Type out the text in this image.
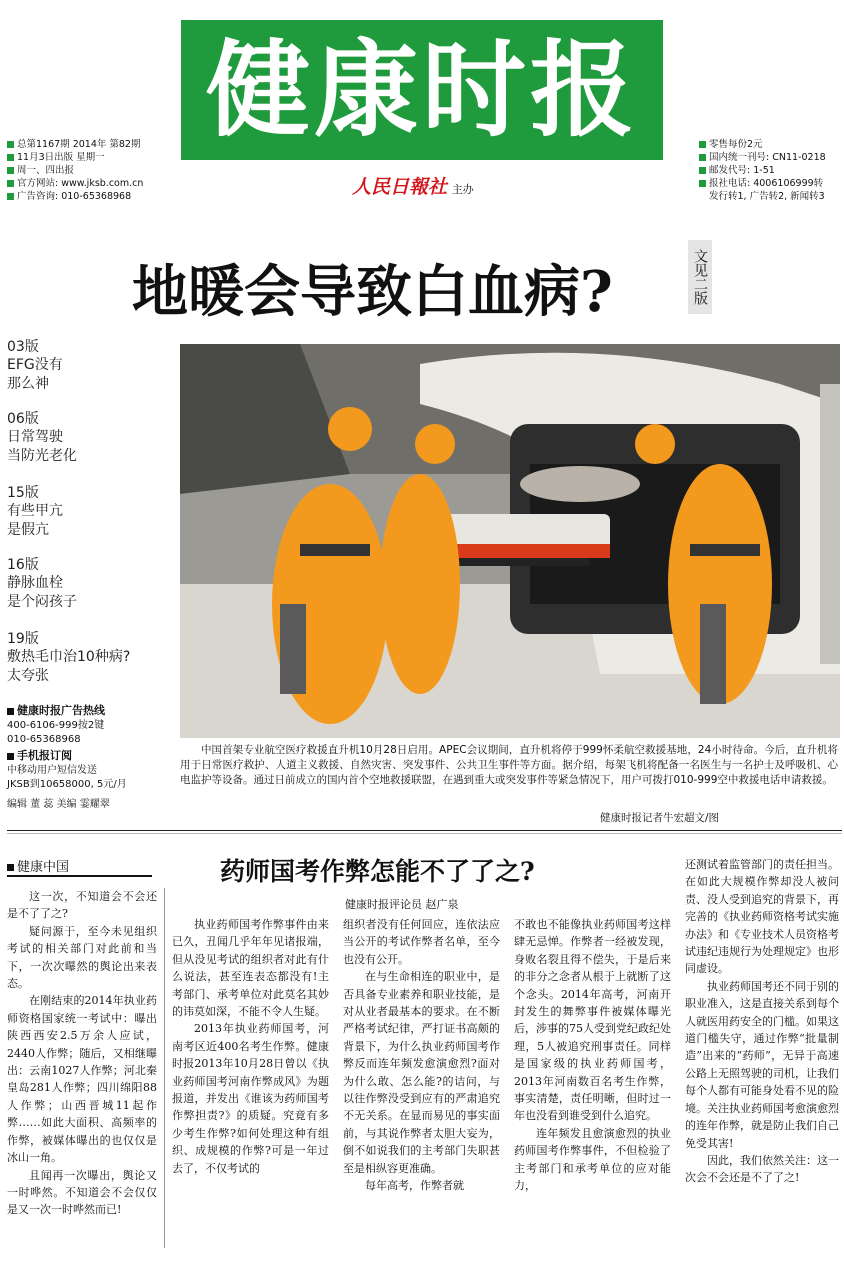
健康时报
总第1167期 2014年 第82期
11月3日出版 星期一
周一、四出报
官方网站: www.jksb.com.cn
广告咨询: 010-65368968
零售每份2元
国内统一刊号: CN11-0218
邮发代号: 1-51
报社电话: 4006106999转
发行转1, 广告转2, 新闻转3
人民日報社 主办
地暖会导致白血病?	文见二版
03版
EFG没有
那么神
06版
日常驾驶
当防光老化
15版
有些甲亢
是假亢
16版
静脉血栓
是个闷孩子
19版
敷热毛巾治10种病?
太夸张
健康时报广告热线
400-6106-999按2键
010-65368968
手机报订阅
中移动用户短信发送
JKSB到10658000, 5元/月
编辑 董 蕊 美编 霎耀翠
中国首架专业航空医疗救援直升机10月28日启用。APEC会议期间，直升机将停于999怀柔航空救援基地，24小时待命。今后，直升机将用于日常医疗救护、人道主义救援、自然灾害、突发事件、公共卫生事件等方面。据介绍，每架飞机将配备一名医生与一名护士及呼吸机、心电监护等设备。通过日前成立的国内首个空地救援联盟，在遇到重大或突发事件等紧急情况下，用户可拨打010-999空中救援电话申请救援。
健康时报记者牛宏超文/图
健康中国	药师国考作弊怎能不了了之?
健康时报评论员 赵广泉

这一次，不知道会不会还是不了了之?

疑问源于，至今未见组织考试的相关部门对此前和当下，一次次曝然的舆论出来表态。

在刚结束的2014年执业药师资格国家统一考试中：曝出陕西西安2.5万余人应试，2440人作弊；随后，又相继曝出：云南1027人作弊；河北秦皇岛281人作弊；四川绵阳88人作弊；山西晋城11起作弊……如此大面积、高频率的作弊，被媒体曝出的也仅仅是冰山一角。

且闻再一次曝出，舆论又一时哗然。不知道会不会仅仅是又一次一时哗然而已!

执业药师国考作弊事件由来已久，丑闻几乎年年见诸报端，但从没见考试的组织者对此有什么说法，甚至连表态都没有!主考部门、承考单位对此莫名其妙的讳莫如深，不能不令人生疑。

2013年执业药师国考，河南考区近400名考生作弊。健康时报2013年10月28日曾以《执业药师国考河南作弊成风》为题报道，并发出《谁该为药师国考作弊担责?》的质疑。究竟有多少考生作弊?如何处理这种有组织、成规模的作弊?可是一年过去了，不仅考试的

组织者没有任何回应，连依法应当公开的考试作弊者名单，至今也没有公开。

在与生命相连的职业中，是否具备专业素养和职业技能，是对从业者最基本的要求。在不断严格考试纪律，严打证书高颇的背景下，为什么执业药师国考作弊反而连年频发愈演愈烈?面对为什么敢、怎么能?的诘问，与以往作弊没受到应有的严肃追究不无关系。在显而易见的事实面前，与其说作弊者太胆大妄为，倒不如说我们的主考部门失职甚至是相纵容更准确。

每年高考，作弊者就

不敢也不能像执业药师国考这样肆无忌惮。作弊者一经被发现，身败名裂且得不偿失，于是后来的非分之念者从根于上就断了这个念头。2014年高考，河南开封发生的舞弊事件被媒体曝光后，涉事的75人受到党纪政纪处理，5人被追究刑事责任。同样是国家级的执业药师国考，2013年河南数百名考生作弊，事实清楚，责任明晰，但时过一年也没看到谁受到什么追究。

连年频发且愈演愈烈的执业药师国考作弊事件，不但检验了主考部门和承考单位的应对能力，

还测试着监管部门的责任担当。在如此大规模作弊却没人被问责、没人受到追究的背景下，再完善的《执业药师资格考试实施办法》和《专业技术人员资格考试违纪违规行为处理规定》也形同虚设。

执业药师国考还不同于别的职业准入，这是直接关系到每个人就医用药安全的门槛。如果这道门槛失守，通过作弊“批量制造”出来的“药师”，无异于高速公路上无照驾驶的司机，让我们每个人都有可能身处看不见的险境。关注执业药师国考愈演愈烈的连年作弊，就是防止我们自己免受其害!

因此，我们依然关注：这一次会不会还是不了了之!
